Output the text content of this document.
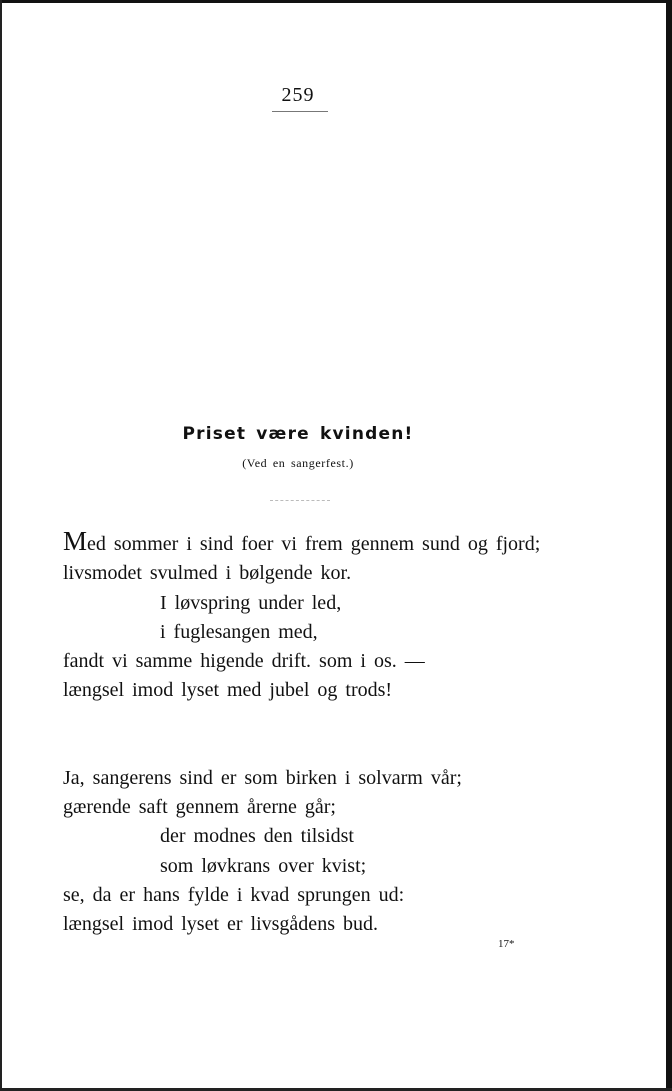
259
Priset være kvinden!
(Ved en sangerfest.)
Med sommer i sind foer vi frem gennem sund og fjord;
livsmodet svulmed i bølgende kor.
I løvspring under led,
i fuglesangen med,
fandt vi samme higende drift. som i os. —
længsel imod lyset med jubel og trods!
Ja, sangerens sind er som birken i solvarm vår;
gærende saft gennem årerne går;
der modnes den tilsidst
som løvkrans over kvist;
se, da er hans fylde i kvad sprungen ud:
længsel imod lyset er livsgådens bud.
17*
